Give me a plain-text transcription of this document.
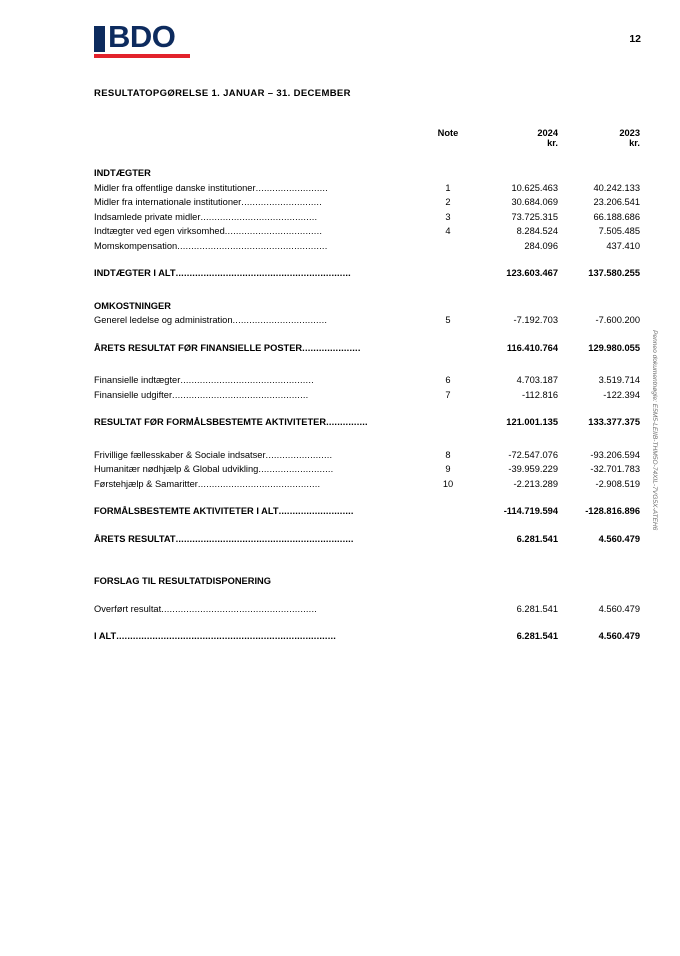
BDO	12
RESULTATOPGØRELSE 1. JANUAR – 31. DECEMBER
Note	2024	2023
kr.	kr.
INDTÆGTER
Midler fra offentlige danske institutioner..........................	1	10.625.463	40.242.133
Midler fra internationale institutioner.............................	2	30.684.069	23.206.541
Indsamlede private midler..........................................	3	73.725.315	66.188.686
Indtægter ved egen virksomhed...................................	4	8.284.524	7.505.485
Momskompensation......................................................	284.096	437.410
INDTÆGTER I ALT...............................................................	123.603.467	137.580.255
OMKOSTNINGER
Generel ledelse og administration..................................	5	-7.192.703	-7.600.200
ÅRETS RESULTAT FØR FINANSIELLE POSTER.....................	116.410.764	129.980.055
Finansielle indtægter................................................	6	4.703.187	3.519.714
Finansielle udgifter.................................................	7	-112.816	-122.394
RESULTAT FØR FORMÅLSBESTEMTE AKTIVITETER...............	121.001.135	133.377.375
Frivillige fællesskaber & Sociale indsatser........................	8	-72.547.076	-93.206.594
Humanitær nødhjælp & Global udvikling...........................	9	-39.959.229	-32.701.783
Førstehjælp & Samaritter............................................	10	-2.213.289	-2.908.519
FORMÅLSBESTEMTE AKTIVITETER I ALT...........................	-114.719.594	-128.816.896
ÅRETS RESULTAT................................................................	6.281.541	4.560.479
FORSLAG TIL RESULTATDISPONERING
Overført resultat........................................................	6.281.541	4.560.479
I ALT...............................................................................	6.281.541	4.560.479
Penneo dokumentnøgle: E5M5-LEIIB-THM5O-74XIL-7VG5X-ATEH6
